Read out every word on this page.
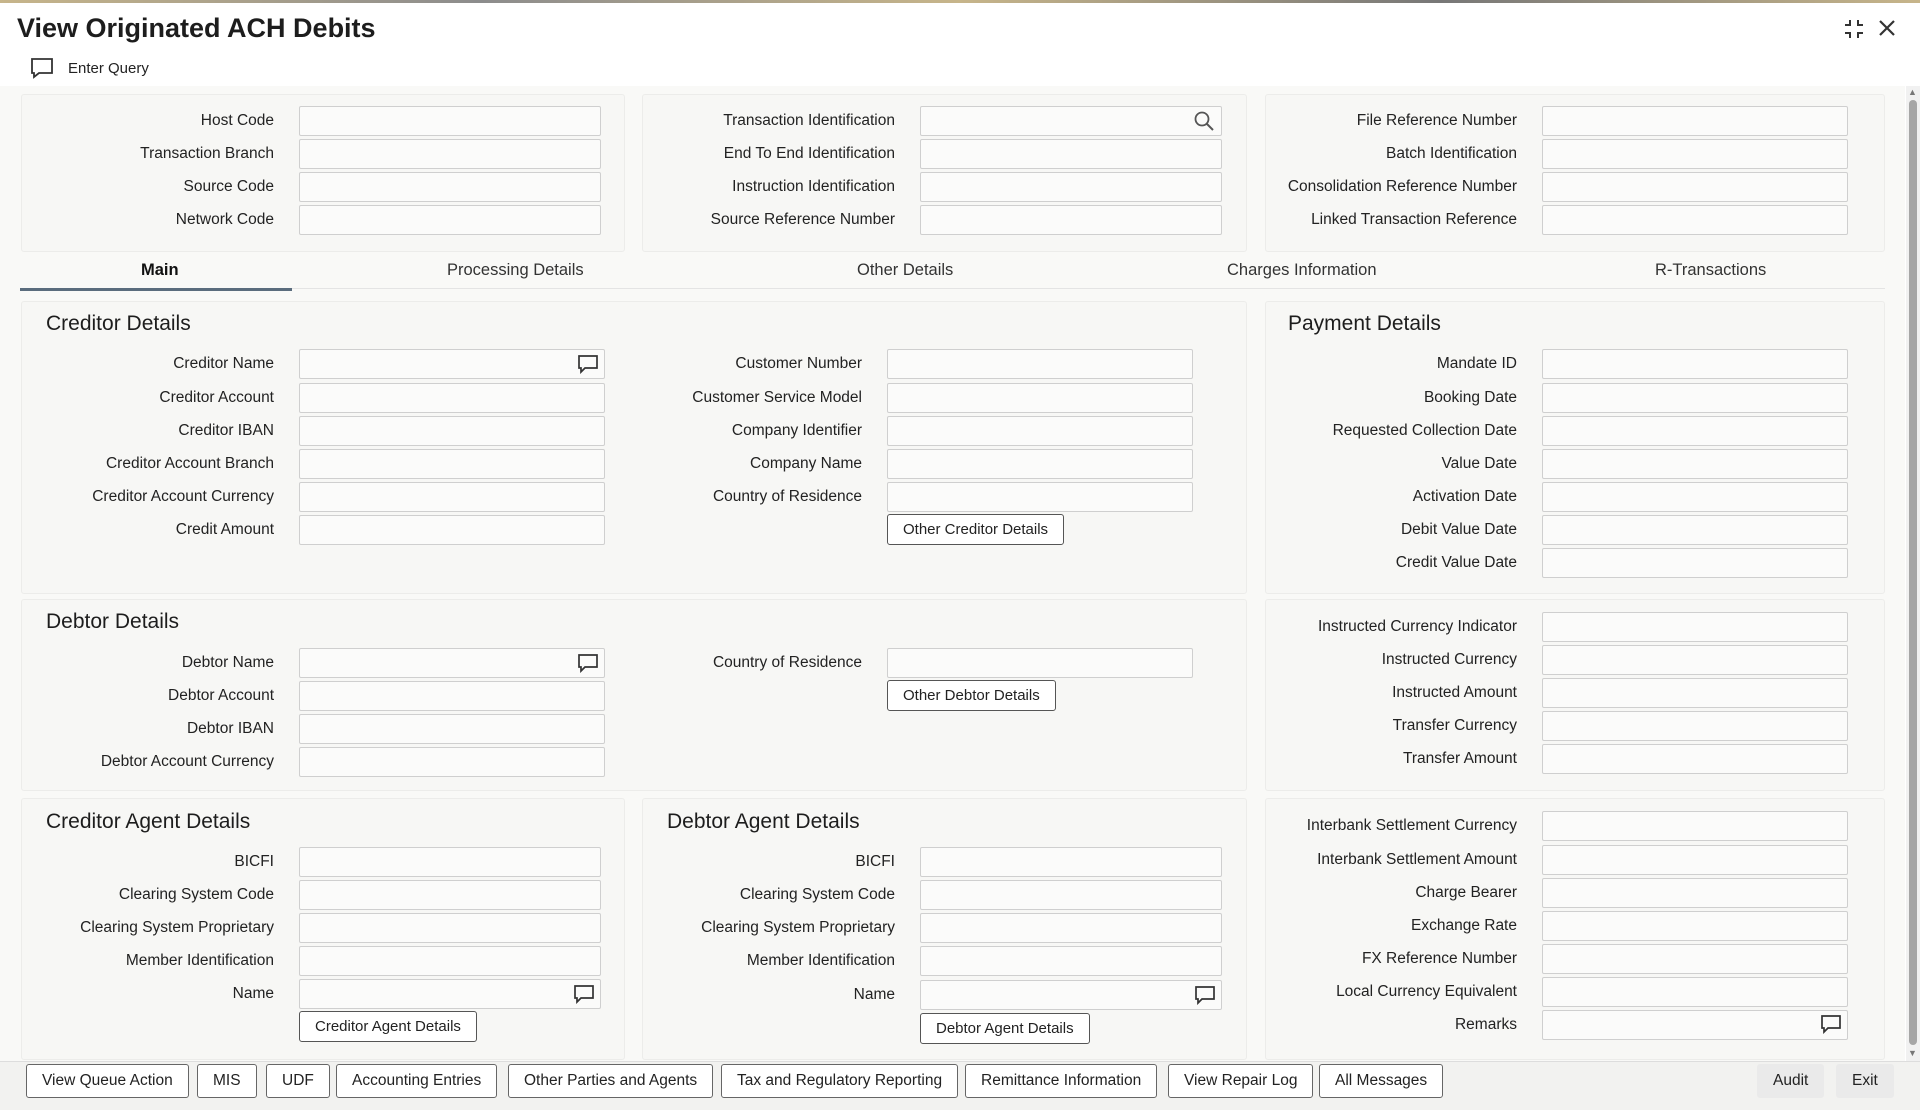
View Originated ACH Debits
Enter Query
Host Code
Transaction Branch
Source Code
Network Code
Transaction Identification
End To End Identification
Instruction Identification
Source Reference Number
File Reference Number
Batch Identification
Consolidation Reference Number
Linked Transaction Reference
Main	Processing Details	Other Details	Charges Information	R-Transactions
Creditor Details
Creditor Name
Creditor Account
Creditor IBAN
Creditor Account Branch
Creditor Account Currency
Credit Amount
Customer Number
Customer Service Model
Company Identifier
Company Name
Country of Residence
Other Creditor Details
Payment Details
Mandate ID
Booking Date
Requested Collection Date
Value Date
Activation Date
Debit Value Date
Credit Value Date
Debtor Details
Debtor Name
Debtor Account
Debtor IBAN
Debtor Account Currency
Country of Residence
Other Debtor Details
Instructed Currency Indicator
Instructed Currency
Instructed Amount
Transfer Currency
Transfer Amount
Creditor Agent Details
BICFI
Clearing System Code
Clearing System Proprietary
Member Identification
Name
Creditor Agent Details
Debtor Agent Details
BICFI
Clearing System Code
Clearing System Proprietary
Member Identification
Name
Debtor Agent Details
Interbank Settlement Currency
Interbank Settlement Amount
Charge Bearer
Exchange Rate
FX Reference Number
Local Currency Equivalent
Remarks
▲
▼
View Queue Action	MIS	UDF	Accounting Entries	Other Parties and Agents	Tax and Regulatory Reporting	Remittance Information	View Repair Log	All Messages	Audit	Exit
